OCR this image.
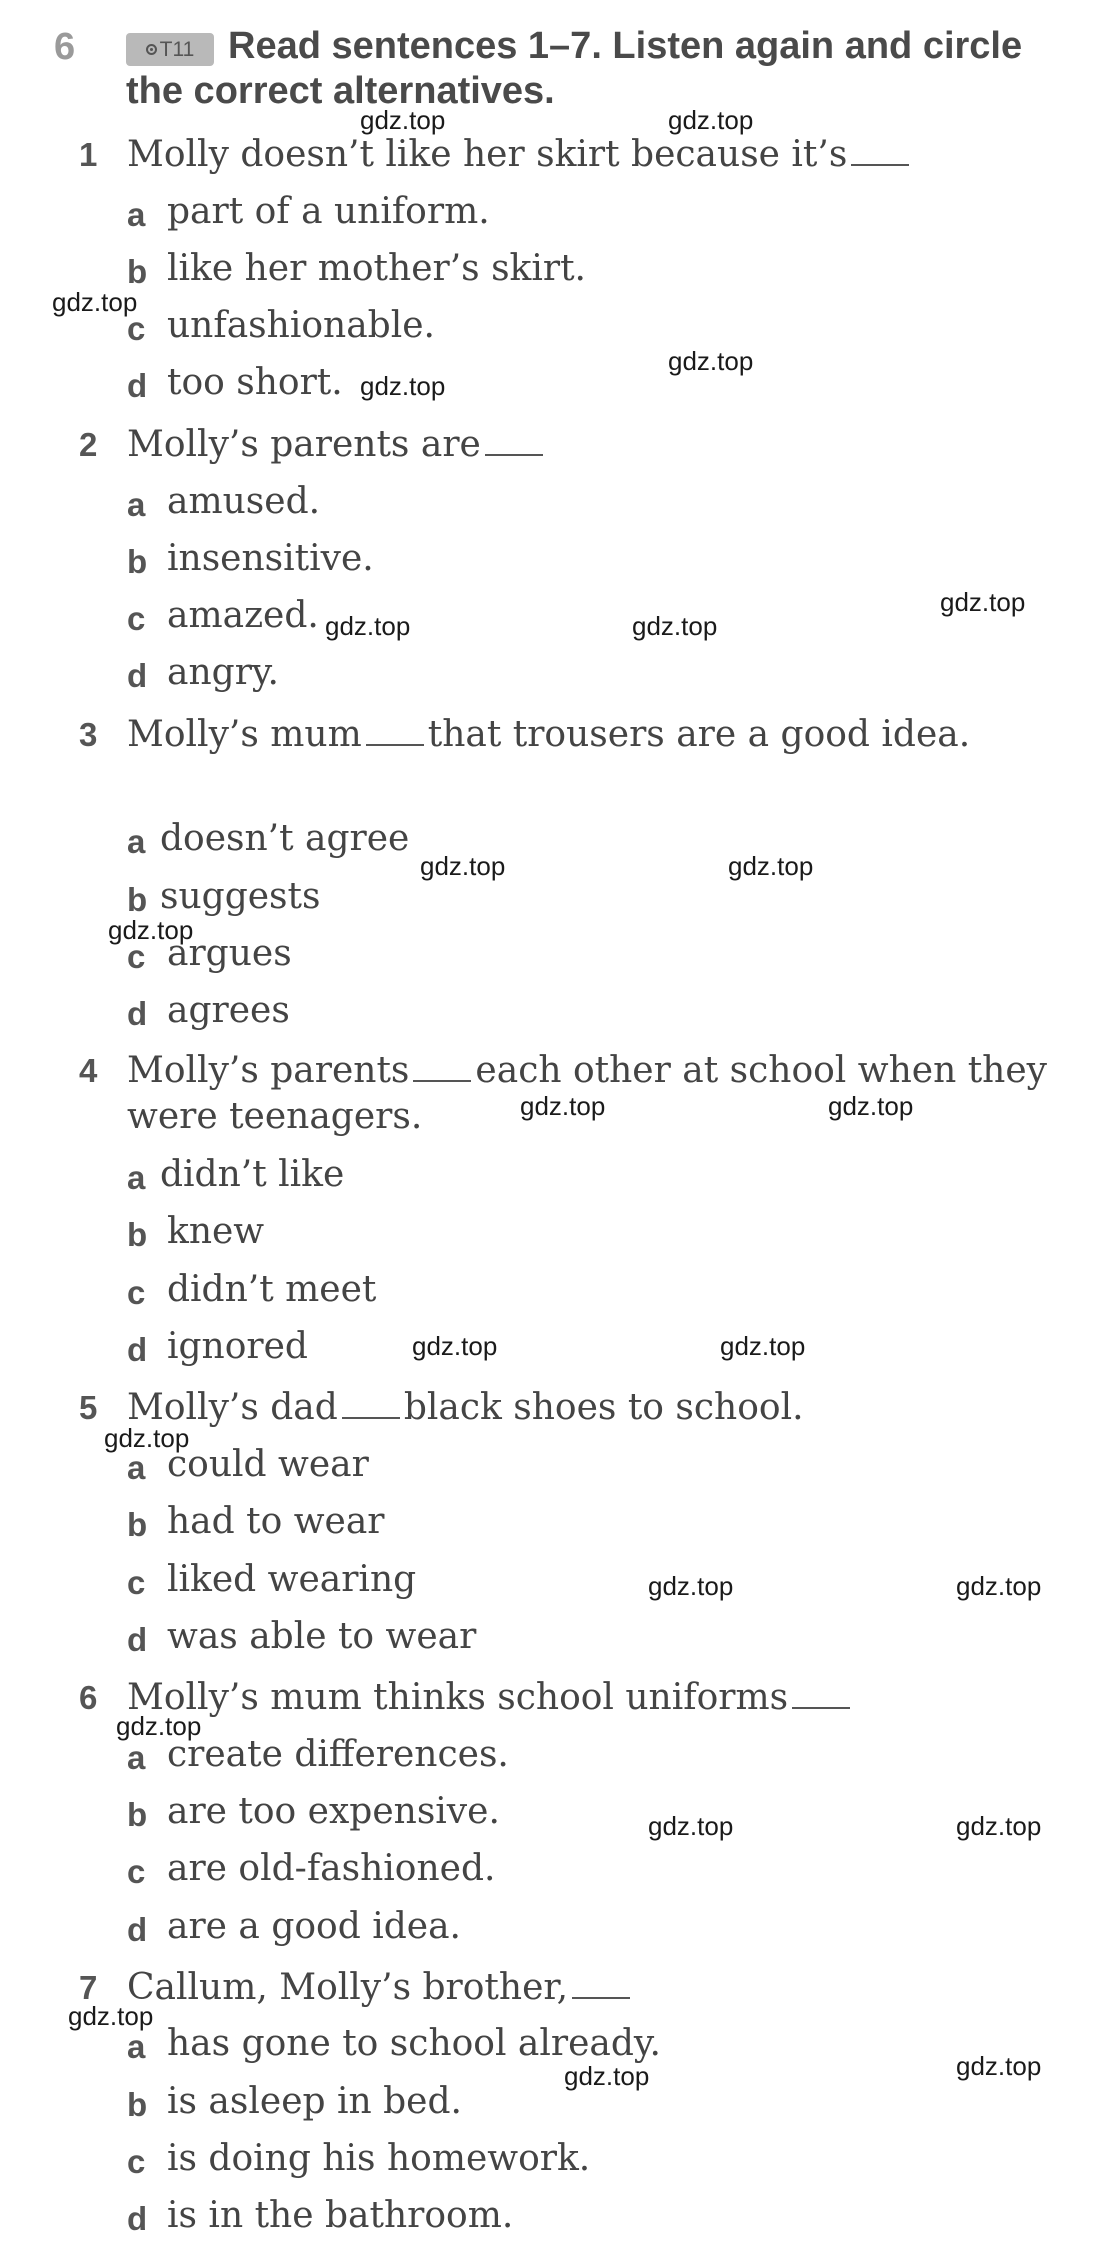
6	Read sentences 1–7. Listen again and circle the correct alternatives.
T11
1 Molly doesn’t like her skirt because it’s
a part of a uniform.
b like her mother’s skirt.
c unfashionable.
d too short.
2 Molly’s parents are
a amused.
b insensitive.
c amazed.
d angry.
3 Molly’s mum that trousers are a good idea.
a doesn’t agree
b suggests
c argues
d agrees
4 Molly’s parents each other at school when they were teenagers.
a didn’t like
b knew
c didn’t meet
d ignored
5 Molly’s dad black shoes to school.
a could wear
b had to wear
c liked wearing
d was able to wear
6 Molly’s mum thinks school uniforms
a create differences.
b are too expensive.
c are old-fashioned.
d are a good idea.
7 Callum, Molly’s brother,
a has gone to school already.
b is asleep in bed.
c is doing his homework.
d is in the bathroom.
gdz.top	gdz.top
gdz.top
gdz.top
gdz.top
gdz.top
gdz.top	gdz.top
gdz.top	gdz.top
gdz.top
gdz.top	gdz.top
gdz.top	gdz.top
gdz.top
gdz.top	gdz.top
gdz.top
gdz.top	gdz.top
gdz.top
gdz.top
gdz.top
